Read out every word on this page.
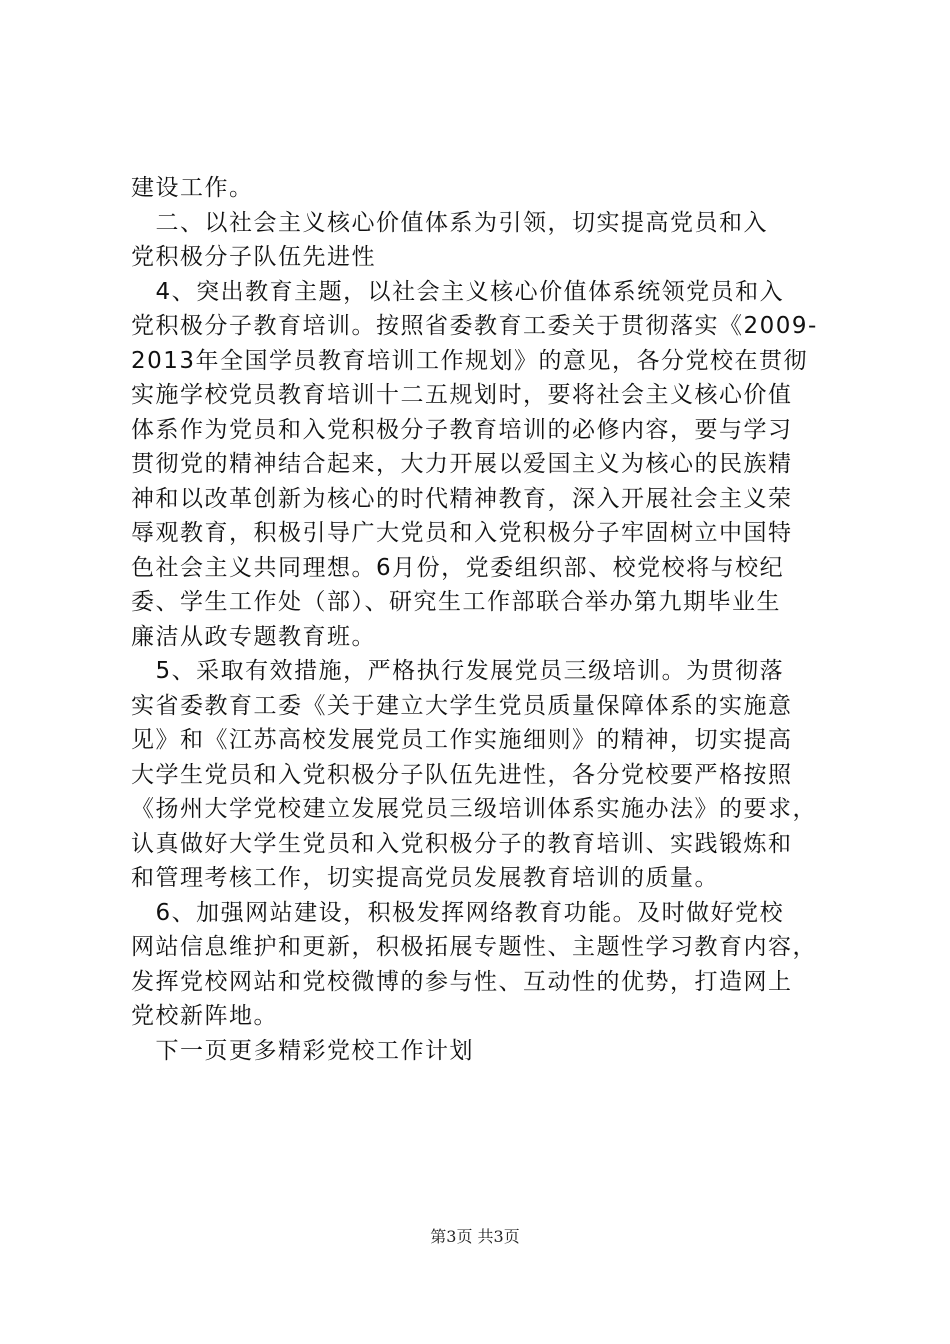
建设工作。
　二、以社会主义核心价值体系为引领，切实提高党员和入
党积极分子队伍先进性
　4、突出教育主题，以社会主义核心价值体系统领党员和入
党积极分子教育培训。按照省委教育工委关于贯彻落实《2009-
2013年全国学员教育培训工作规划》的意见，各分党校在贯彻
实施学校党员教育培训十二五规划时，要将社会主义核心价值
体系作为党员和入党积极分子教育培训的必修内容，要与学习
贯彻党的精神结合起来，大力开展以爱国主义为核心的民族精
神和以改革创新为核心的时代精神教育，深入开展社会主义荣
辱观教育，积极引导广大党员和入党积极分子牢固树立中国特
色社会主义共同理想。6月份，党委组织部、校党校将与校纪
委、学生工作处（部）、研究生工作部联合举办第九期毕业生
廉洁从政专题教育班。
　5、采取有效措施，严格执行发展党员三级培训。为贯彻落
实省委教育工委《关于建立大学生党员质量保障体系的实施意
见》和《江苏高校发展党员工作实施细则》的精神，切实提高
大学生党员和入党积极分子队伍先进性，各分党校要严格按照
《扬州大学党校建立发展党员三级培训体系实施办法》的要求，
认真做好大学生党员和入党积极分子的教育培训、实践锻炼和
和管理考核工作，切实提高党员发展教育培训的质量。
　6、加强网站建设，积极发挥网络教育功能。及时做好党校
网站信息维护和更新，积极拓展专题性、主题性学习教育内容，
发挥党校网站和党校微博的参与性、互动性的优势，打造网上
党校新阵地。
　下一页更多精彩党校工作计划
第3页 共3页
